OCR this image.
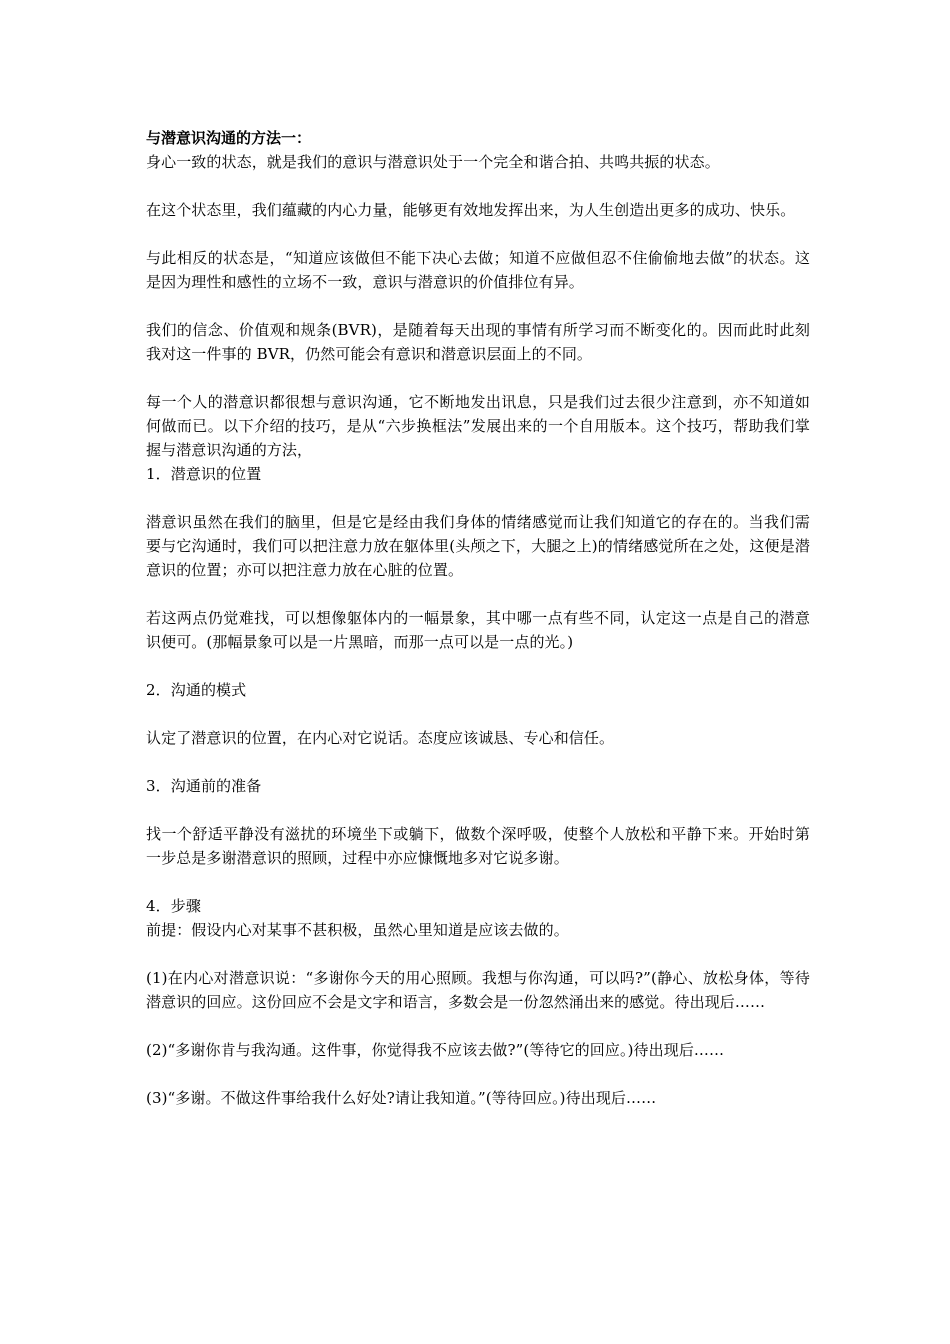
与潜意识沟通的方法一：

身心一致的状态，就是我们的意识与潜意识处于一个完全和谐合拍、共鸣共振的状态。

在这个状态里，我们蕴藏的内心力量，能够更有效地发挥出来，为人生创造出更多的成功、快乐。

与此相反的状态是，“知道应该做但不能下决心去做；知道不应做但忍不住偷偷地去做”的状态。这是因为理性和感性的立场不一致，意识与潜意识的价值排位有异。

我们的信念、价值观和规条(BVR)，是随着每天出现的事情有所学习而不断变化的。因而此时此刻我对这一件事的 BVR，仍然可能会有意识和潜意识层面上的不同。

每一个人的潜意识都很想与意识沟通，它不断地发出讯息，只是我们过去很少注意到，亦不知道如何做而已。以下介绍的技巧，是从“六步换框法”发展出来的一个自用版本。这个技巧，帮助我们掌握与潜意识沟通的方法，

1．潜意识的位置

潜意识虽然在我们的脑里，但是它是经由我们身体的情绪感觉而让我们知道它的存在的。当我们需要与它沟通时，我们可以把注意力放在躯体里(头颅之下，大腿之上)的情绪感觉所在之处，这便是潜意识的位置；亦可以把注意力放在心脏的位置。

若这两点仍觉难找，可以想像躯体内的一幅景象，其中哪一点有些不同，认定这一点是自己的潜意识便可。(那幅景象可以是一片黑暗，而那一点可以是一点的光。)

2．沟通的模式

认定了潜意识的位置，在内心对它说话。态度应该诚恳、专心和信任。

3．沟通前的准备

找一个舒适平静没有滋扰的环境坐下或躺下，做数个深呼吸，使整个人放松和平静下来。开始时第一步总是多谢潜意识的照顾，过程中亦应慷慨地多对它说多谢。

4．步骤

前提：假设内心对某事不甚积极，虽然心里知道是应该去做的。

(1)在内心对潜意识说：“多谢你今天的用心照顾。我想与你沟通，可以吗?”(静心、放松身体，等待潜意识的回应。这份回应不会是文字和语言，多数会是一份忽然涌出来的感觉。待出现后……

(2)“多谢你肯与我沟通。这件事，你觉得我不应该去做?”(等待它的回应。)待出现后……

(3)“多谢。不做这件事给我什么好处?请让我知道。”(等待回应。)待出现后……
